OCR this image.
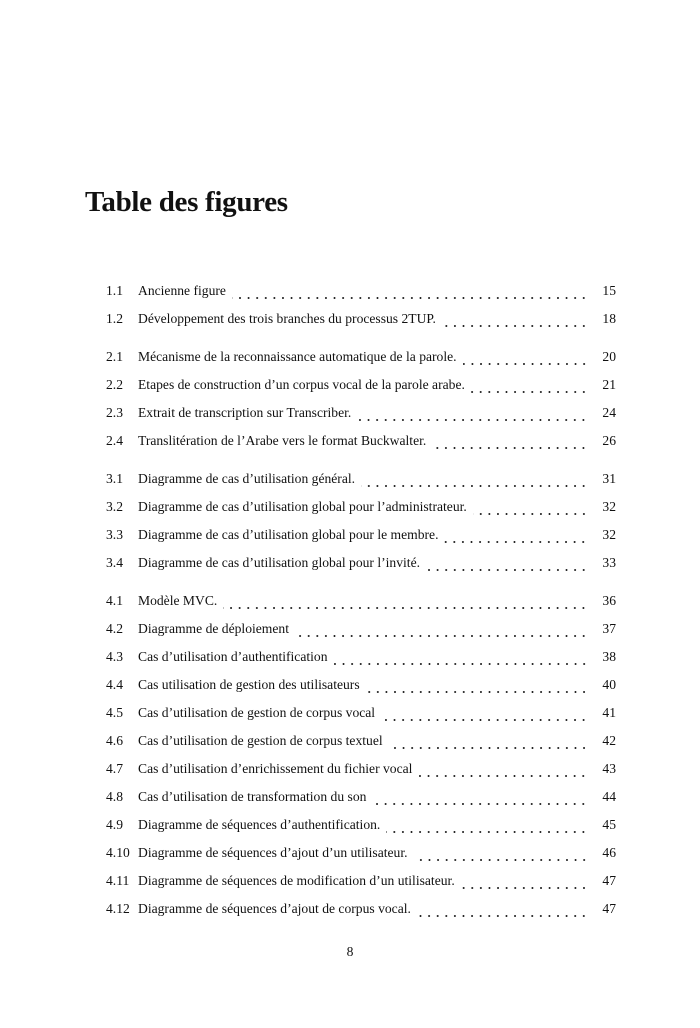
Table des figures
1.1	Ancienne figure	15
1.2	Développement des trois branches du processus 2TUP.	18
2.1	Mécanisme de la reconnaissance automatique de la parole.	20
2.2	Etapes de construction d’un corpus vocal de la parole arabe.	21
2.3	Extrait de transcription sur Transcriber.	24
2.4	Translitération de l’Arabe vers le format Buckwalter.	26
3.1	Diagramme de cas d’utilisation général.	31
3.2	Diagramme de cas d’utilisation global pour l’administrateur.	32
3.3	Diagramme de cas d’utilisation global pour le membre.	32
3.4	Diagramme de cas d’utilisation global pour l’invité.	33
4.1	Modèle MVC.	36
4.2	Diagramme de déploiement	37
4.3	Cas d’utilisation d’authentification	38
4.4	Cas utilisation de gestion des utilisateurs	40
4.5	Cas d’utilisation de gestion de corpus vocal	41
4.6	Cas d’utilisation de gestion de corpus textuel	42
4.7	Cas d’utilisation d’enrichissement du fichier vocal	43
4.8	Cas d’utilisation de transformation du son	44
4.9	Diagramme de séquences d’authentification.	45
4.10 Diagramme de séquences d’ajout d’un utilisateur.	46
4.11 Diagramme de séquences de modification d’un utilisateur.	47
4.12 Diagramme de séquences d’ajout de corpus vocal.	47
8
